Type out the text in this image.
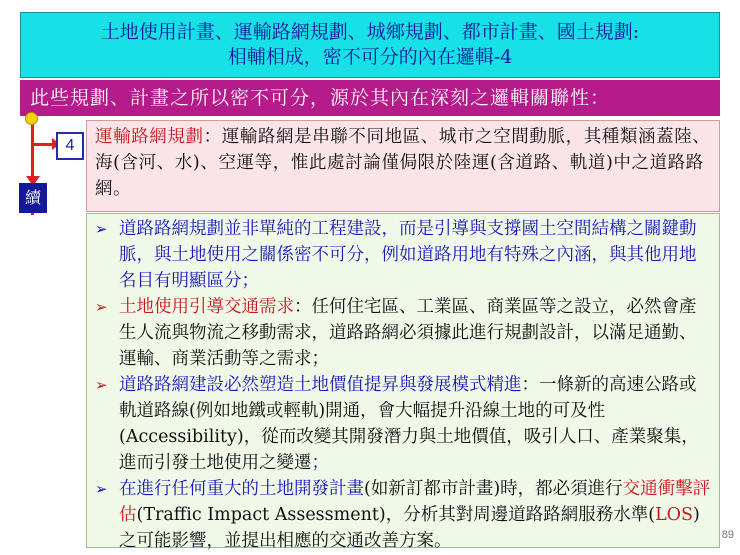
土地使用計畫、運輸路網規劃、城鄉規劃、都市計畫、國土規劃:
相輔相成，密不可分的內在邏輯-4
此些規劃、計畫之所以密不可分，源於其內在深刻之邏輯關聯性：
4
續
運輸路網規劃：運輸路網是串聯不同地區、城市之空間動脈，其種類涵蓋陸、海(含河、水)、空運等，惟此處討論僅侷限於陸運(含道路、軌道)中之道路路網。
➢ 道路路網規劃並非單純的工程建設，而是引導與支撐國土空間結構之關鍵動脈，與土地使用之關係密不可分，例如道路用地有特殊之內涵，與其他用地名目有明顯區分；
➢ 土地使用引導交通需求：任何住宅區、工業區、商業區等之設立，必然會產生人流與物流之移動需求，道路路網必須據此進行規劃設計，以滿足通勤、運輸、商業活動等之需求；
➢ 道路路網建設必然塑造土地價值提昇與發展模式精進：一條新的高速公路或軌道路線(例如地鐵或輕軌)開通，會大幅提升沿線土地的可及性(Accessibility)，從而改變其開發潛力與土地價值，吸引人口、產業聚集，進而引發土地使用之變遷；
➢ 在進行任何重大的土地開發計畫(如新訂都市計畫)時，都必須進行交通衝擊評估(Traffic Impact Assessment)，分析其對周邊道路路網服務水準(LOS)之可能影響，並提出相應的交通改善方案。	89
